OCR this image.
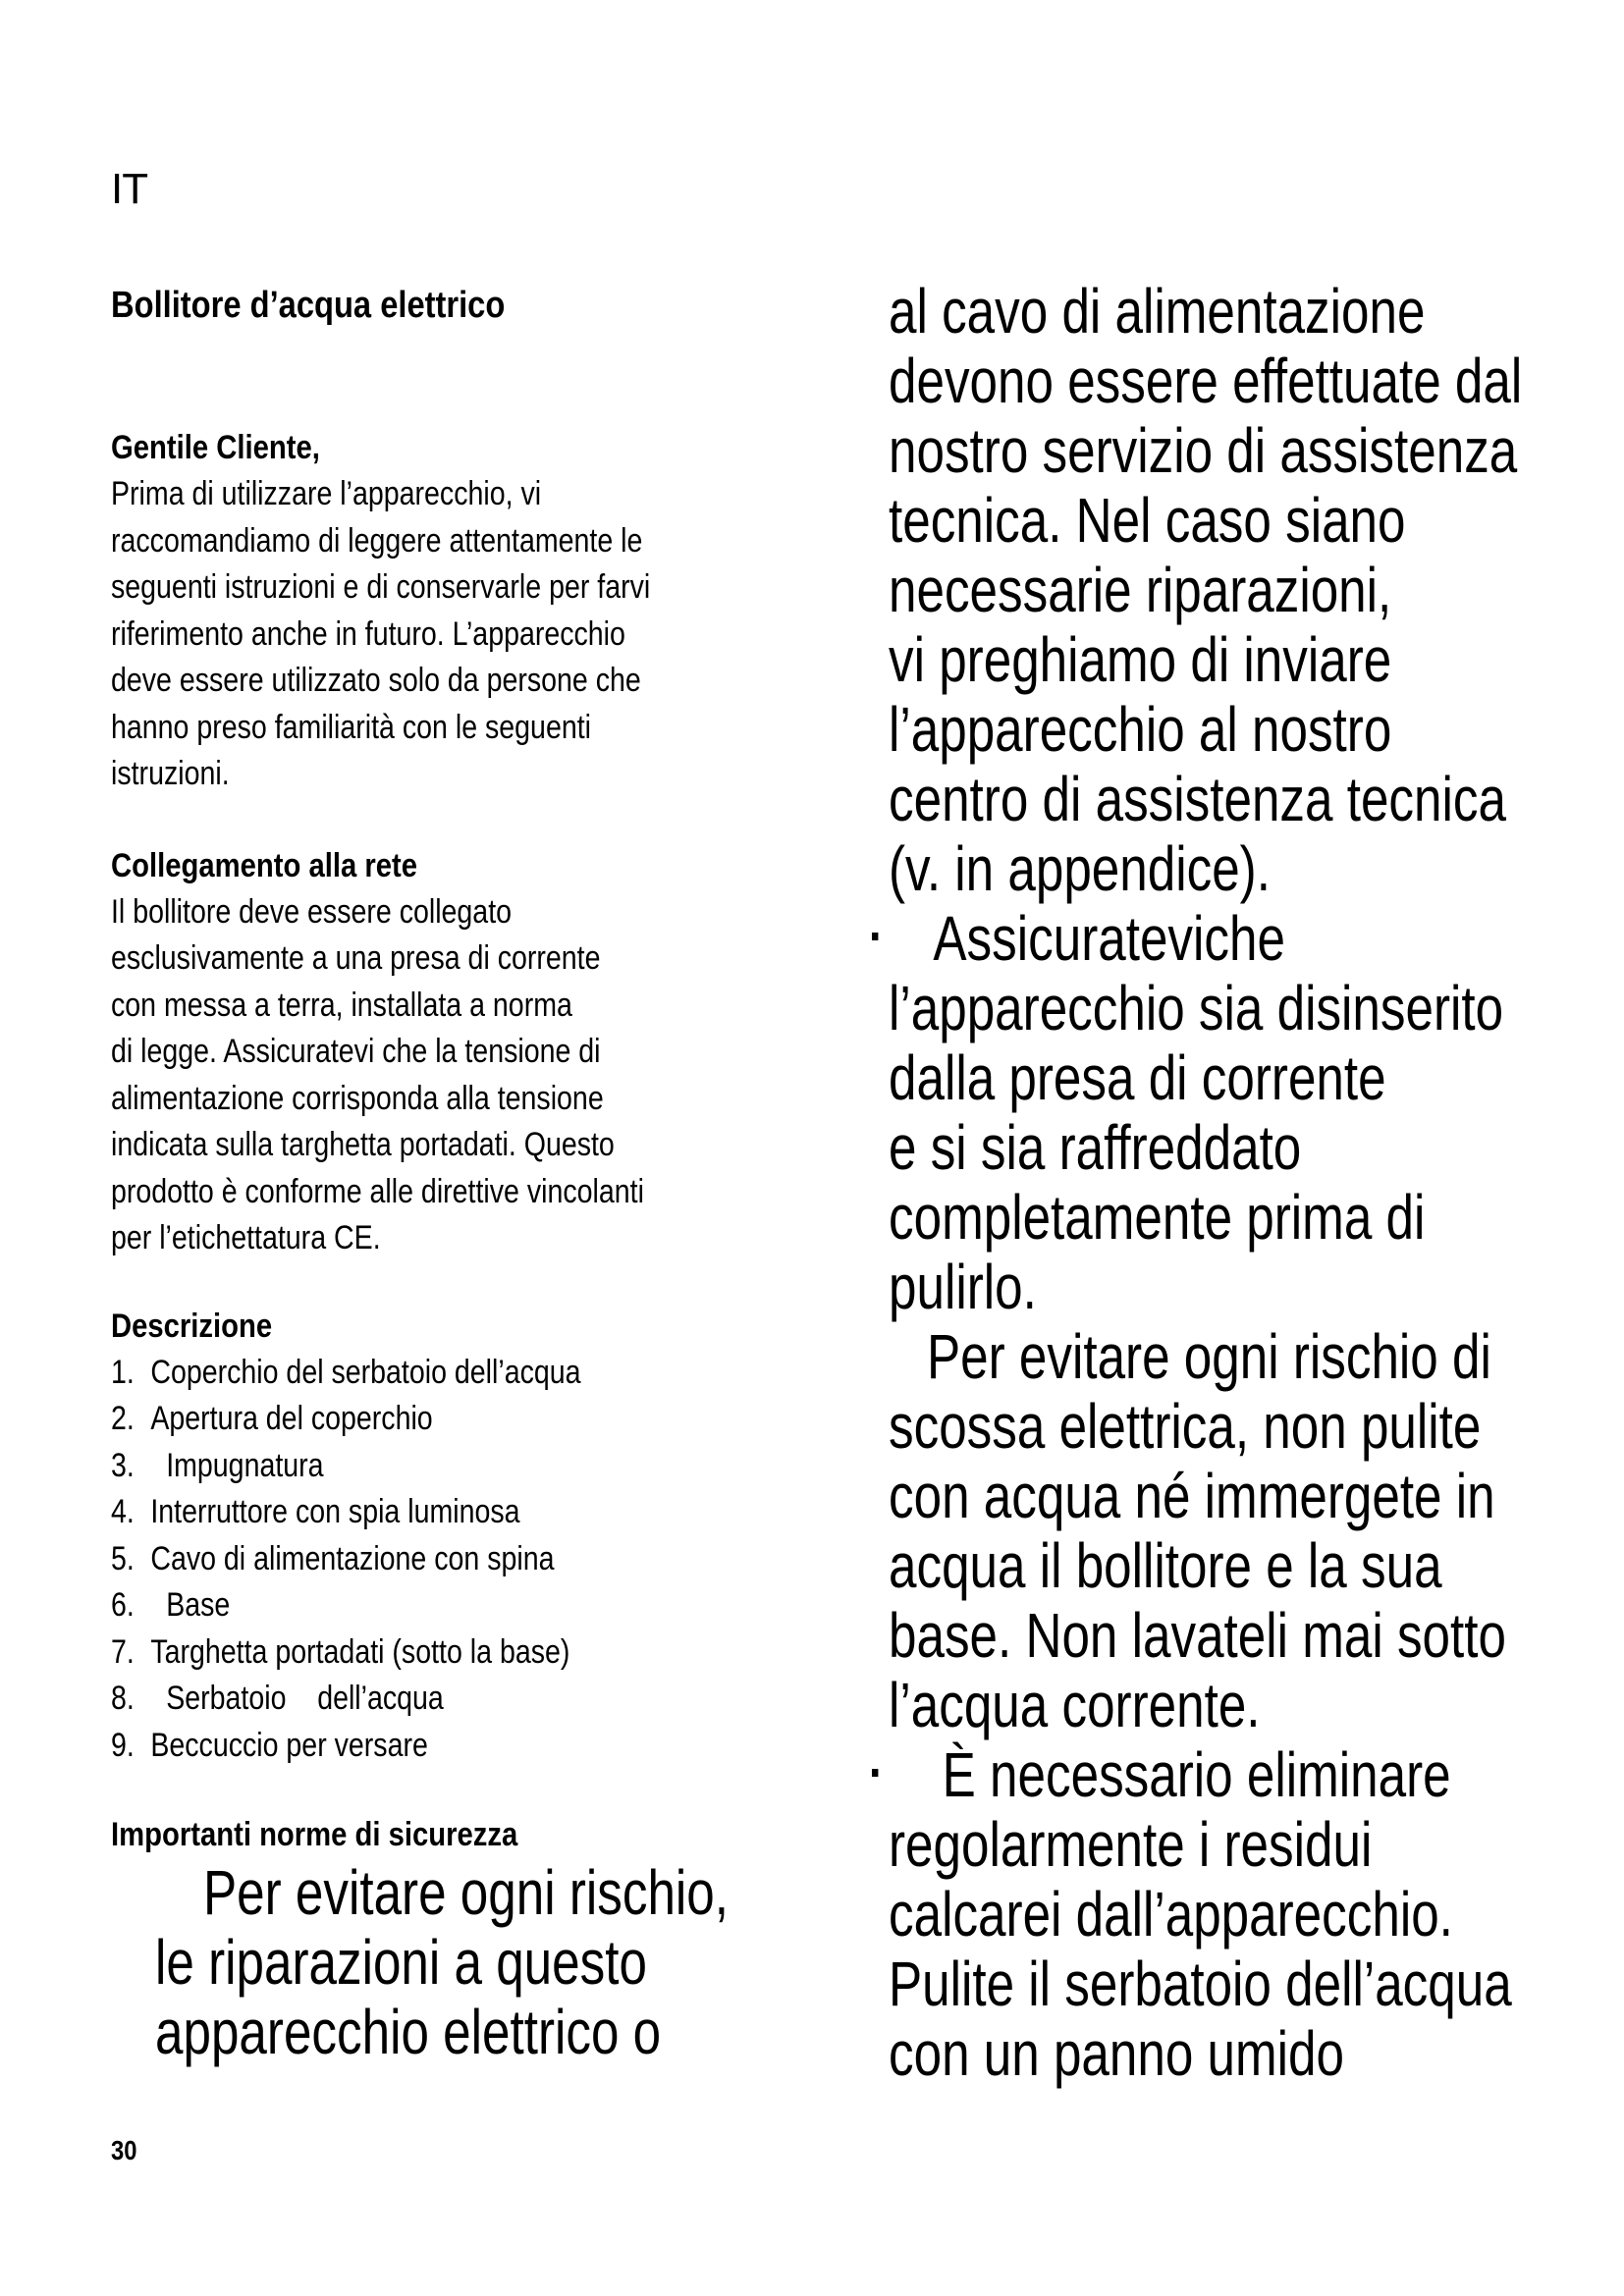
IT
Bollitore d’acqua elettrico
Gentile Cliente,
Prima di utilizzare l’apparecchio, vi
raccomandiamo di leggere attentamente le
seguenti istruzioni e di conservarle per farvi
riferimento anche in futuro. L’apparecchio
deve essere utilizzato solo da persone che
hanno preso familiarità con le seguenti
istruzioni.
Collegamento alla rete
Il bollitore deve essere collegato
esclusivamente a una presa di corrente
con messa a terra, installata a norma
di legge. Assicuratevi che la tensione di
alimentazione corrisponda alla tensione
indicata sulla targhetta portadati. Questo
prodotto è conforme alle direttive vincolanti
per l’etichettatura CE.
Descrizione
1. Coperchio del serbatoio dell’acqua
2. Apertura del coperchio
3. Impugnatura
4. Interruttore con spia luminosa
5. Cavo di alimentazione con spina
6. Base
7. Targhetta portadati (sotto la base)
8. Serbatoio    dell’acqua
9. Beccuccio per versare
Importanti norme di sicurezza
Per evitare ogni rischio,
le riparazioni a questo
apparecchio elettrico o
al cavo di alimentazione
devono essere effettuate dal
nostro servizio di assistenza
tecnica. Nel caso siano
necessarie riparazioni,
vi preghiamo di inviare
l’apparecchio al nostro
centro di assistenza tecnica
(v. in appendice).
Assicurateviche
l’apparecchio sia disinserito
dalla presa di corrente
e si sia raffreddato
completamente prima di
pulirlo.
Per evitare ogni rischio di
scossa elettrica, non pulite
con acqua né immergete in
acqua il bollitore e la sua
base. Non lavateli mai sotto
l’acqua corrente.
È necessario eliminare
regolarmente i residui
calcarei dall’apparecchio.
Pulite il serbatoio dell’acqua
con un panno umido
30
